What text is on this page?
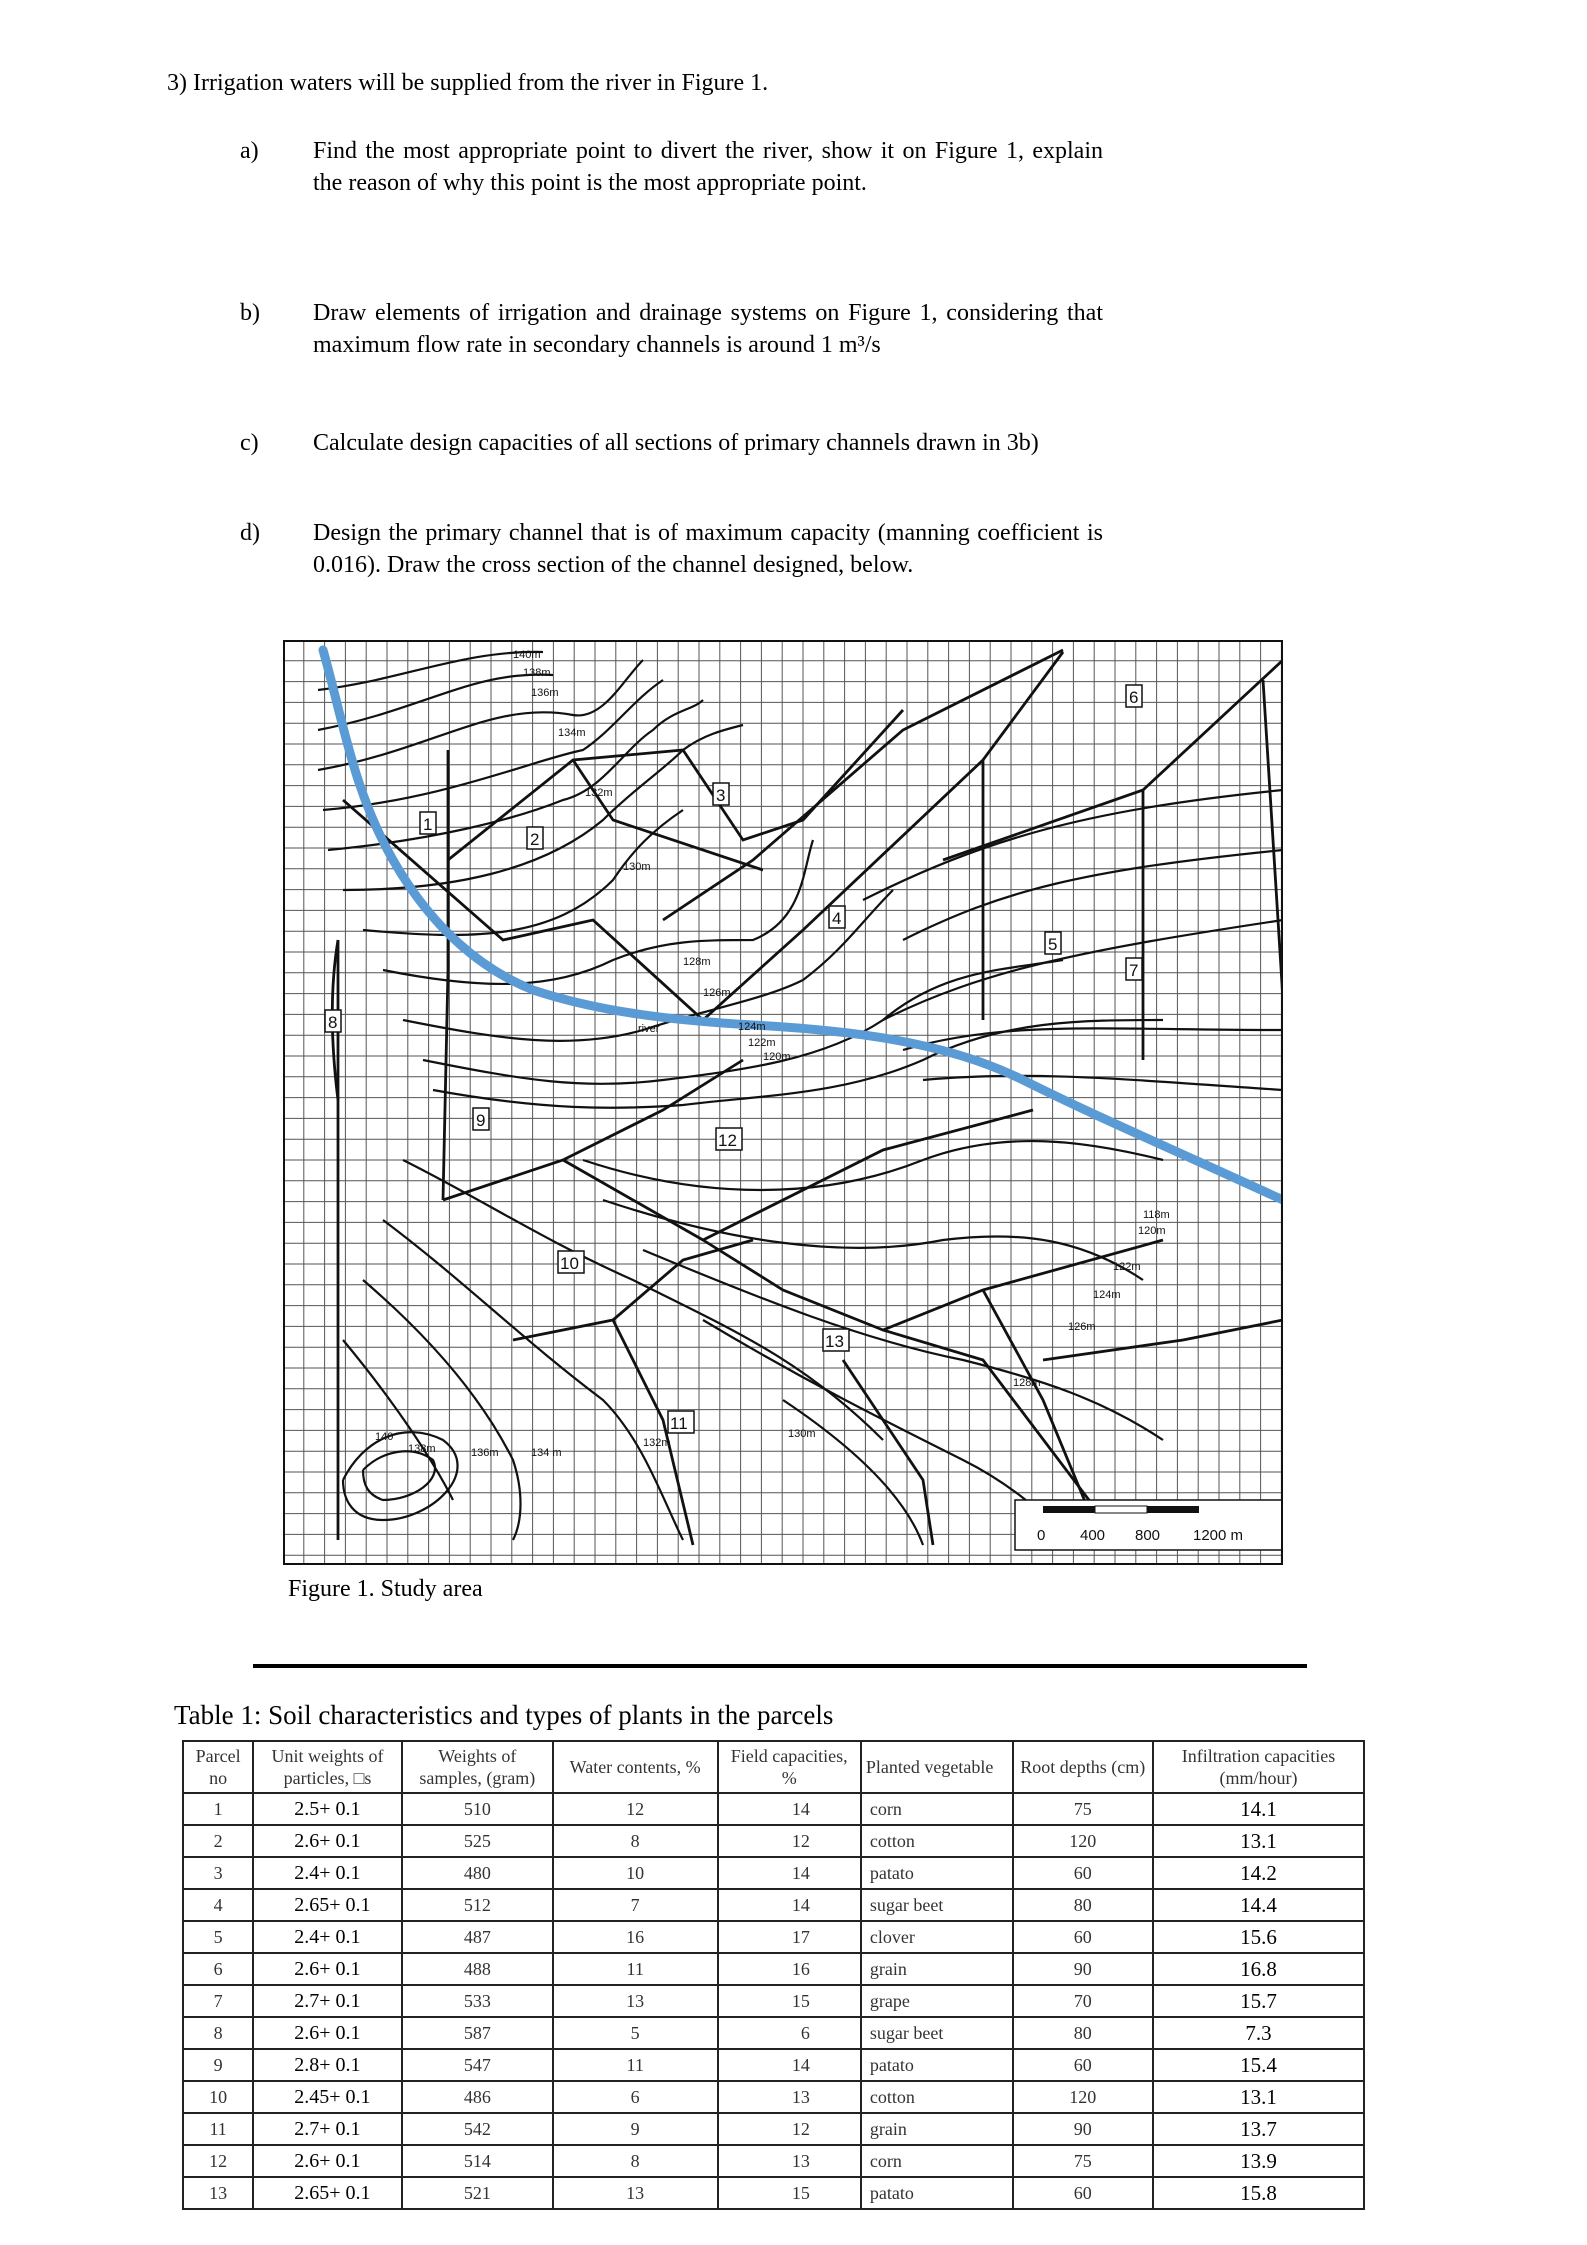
3) Irrigation waters will be supplied from the river in Figure 1.
a) Find the most appropriate point to divert the river, show it on Figure 1, explain the reason of why this point is the most appropriate point.
b) Draw elements of irrigation and drainage systems on Figure 1, considering that maximum flow rate in secondary channels is around 1 m³/s
c) Calculate design capacities of all sections of primary channels drawn in 3b)
d) Design the primary channel that is of maximum capacity (manning coefficient is 0.016). Draw the cross section of the channel designed, below.
river
140m
138m
136m
134m
132m
130m
128m
126m
124m
122m
120m
118m
120m
122m
124m
126m
128m
130m
132m
134 m
136m
138m
140
1
2
3
4
5
6
7
8
9
10
11
12
13
0 400 800 1200 m
Figure 1. Study area
Table 1: Soil characteristics and types of plants in the parcels
Parcel no	Unit weights of particles, □s	Weights of samples, (gram)	Water contents, %	Field capacities, %	Planted vegetable	Root depths (cm)	Infiltration capacities (mm/hour)
1	2.5+ 0.1	510	12	14	corn	75	14.1
2	2.6+ 0.1	525	8	12	cotton	120	13.1
3	2.4+ 0.1	480	10	14	patato	60	14.2
4	2.65+ 0.1	512	7	14	sugar beet	80	14.4
5	2.4+ 0.1	487	16	17	clover	60	15.6
6	2.6+ 0.1	488	11	16	grain	90	16.8
7	2.7+ 0.1	533	13	15	grape	70	15.7
8	2.6+ 0.1	587	5	6	sugar beet	80	7.3
9	2.8+ 0.1	547	11	14	patato	60	15.4
10	2.45+ 0.1	486	6	13	cotton	120	13.1
11	2.7+ 0.1	542	9	12	grain	90	13.7
12	2.6+ 0.1	514	8	13	corn	75	13.9
13	2.65+ 0.1	521	13	15	patato	60	15.8
